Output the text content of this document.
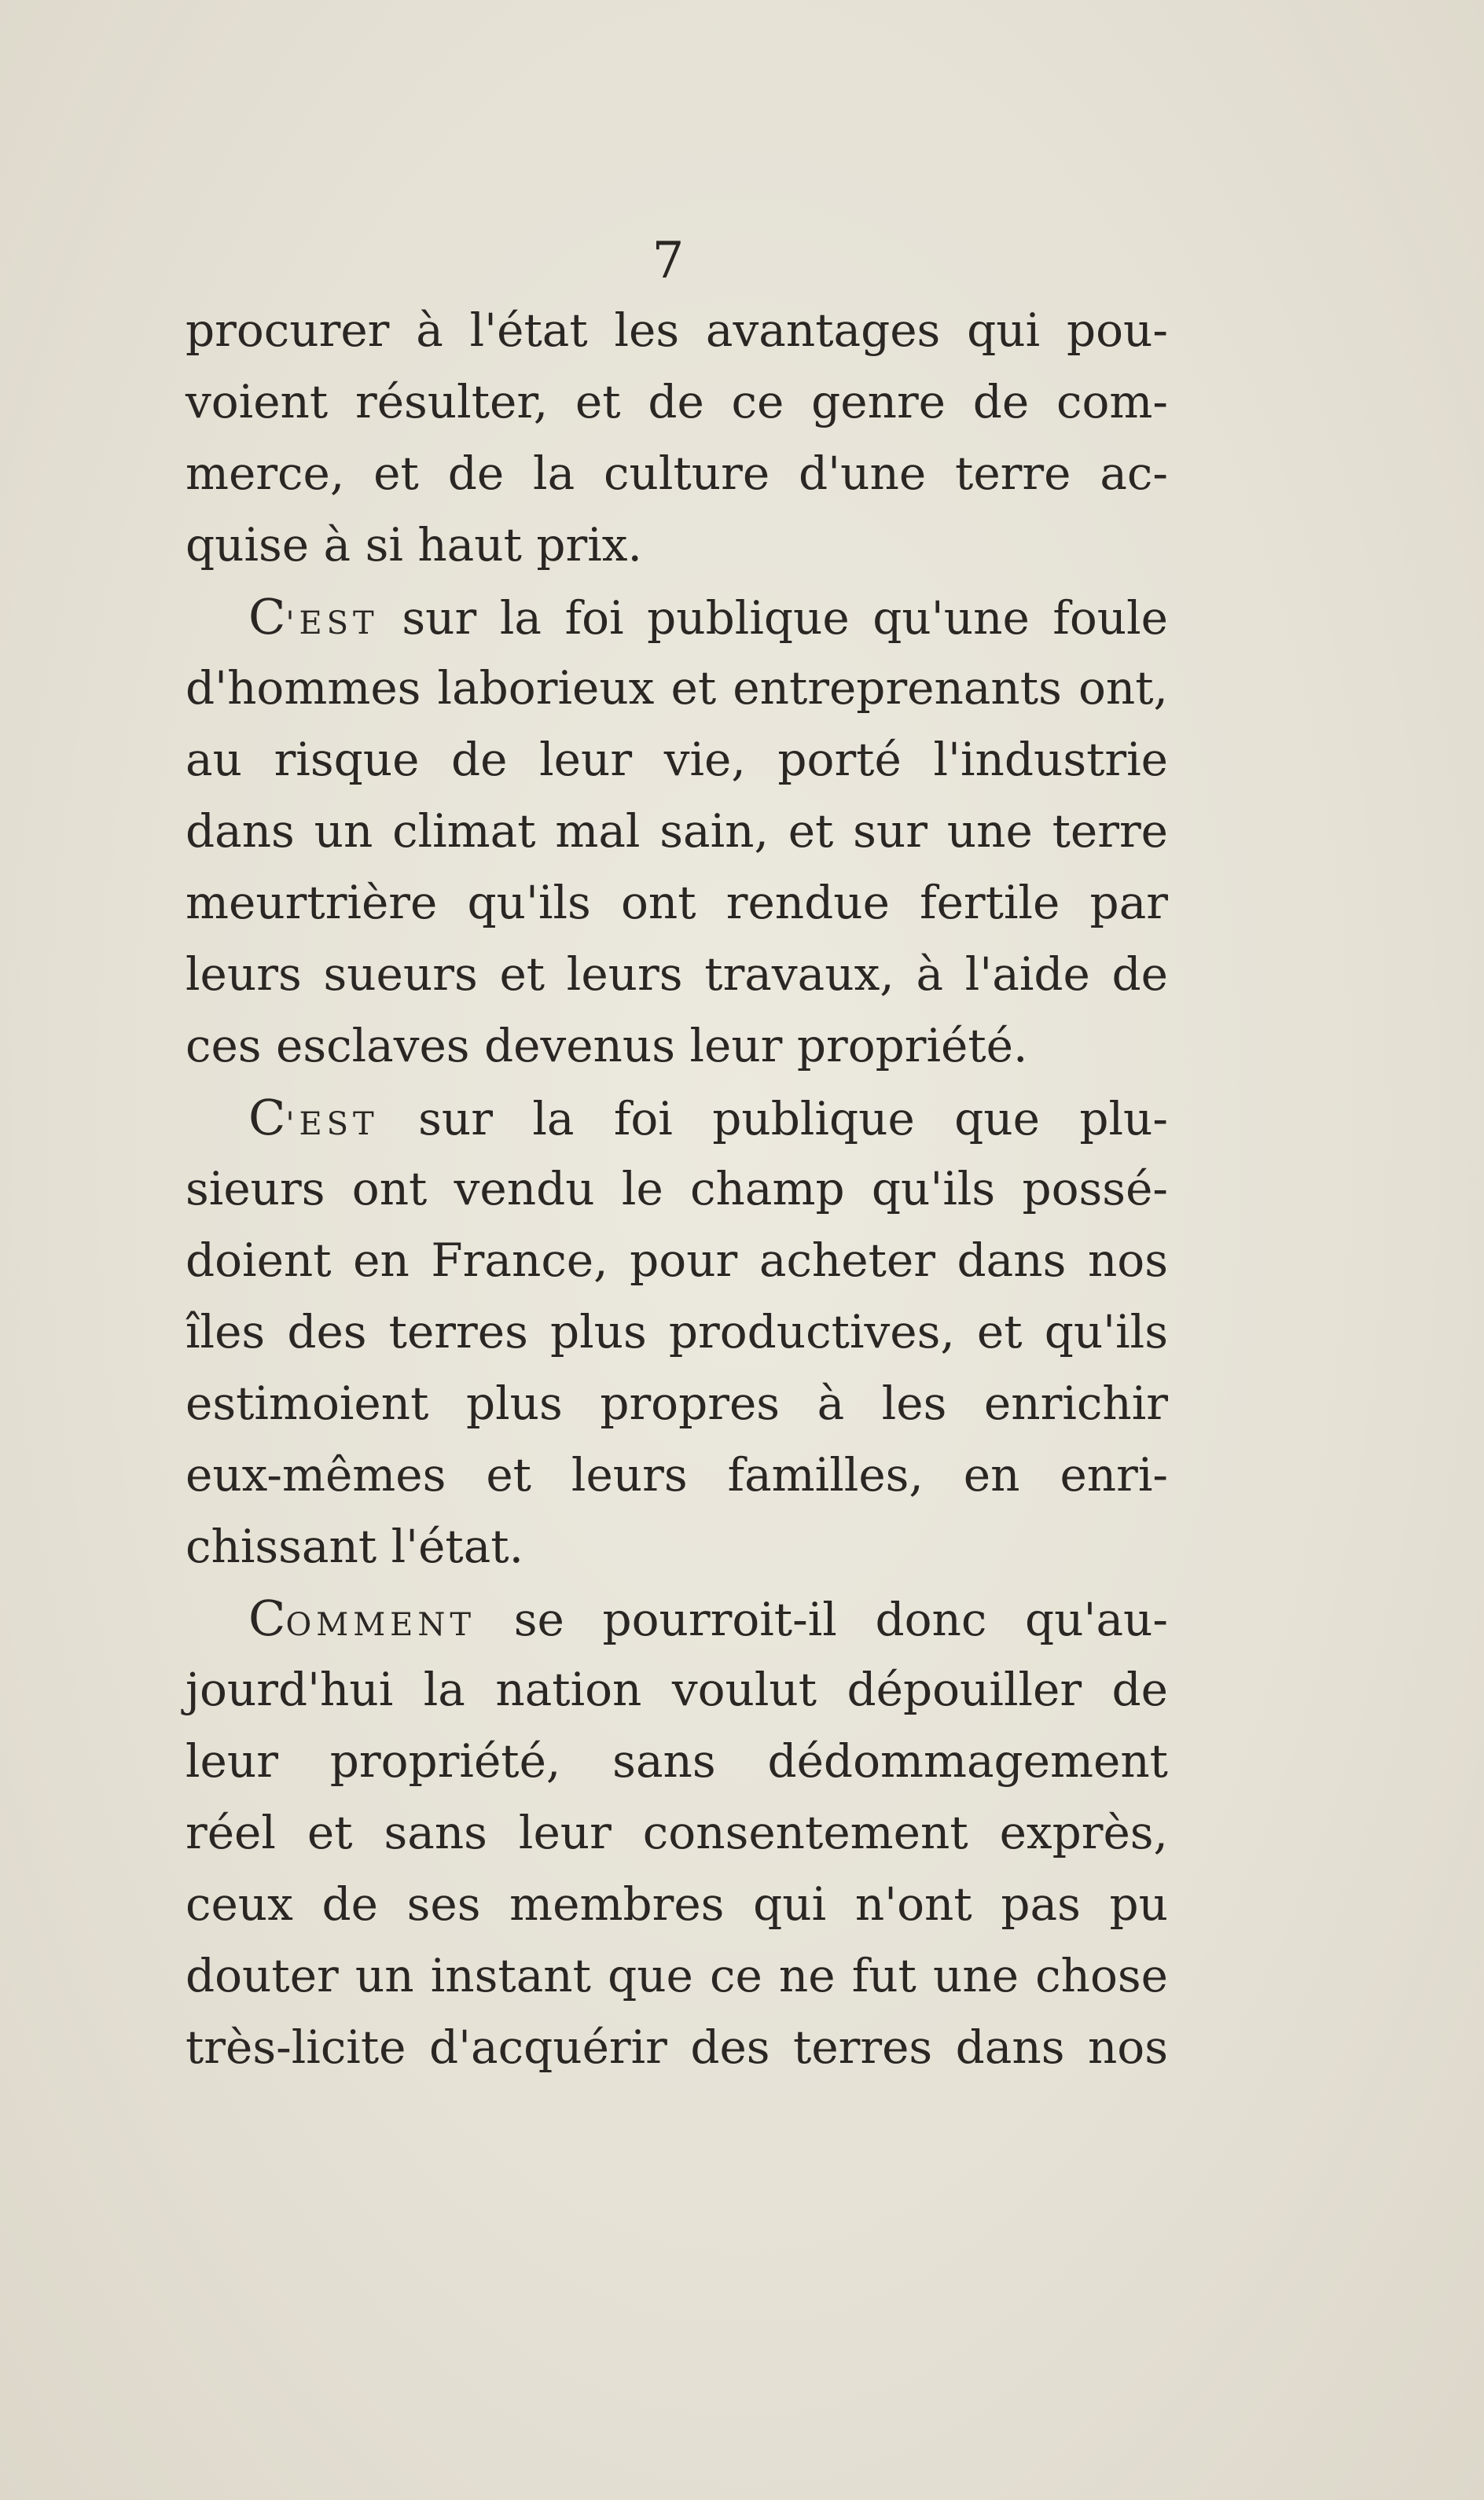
7
procurer à l'état les avantages qui pou-
voient résulter, et de ce genre de com-
merce, et de la culture d'une terre ac-
quise à si haut prix.
C'EST sur la foi publique qu'une foule
d'hommes laborieux et entreprenants ont,
au risque de leur vie, porté l'industrie
dans un climat mal sain, et sur une terre
meurtrière qu'ils ont rendue fertile par
leurs sueurs et leurs travaux, à l'aide de
ces esclaves devenus leur propriété.
C'EST sur la foi publique que plu-
sieurs ont vendu le champ qu'ils possé-
doient en France, pour acheter dans nos
îles des terres plus productives, et qu'ils
estimoient plus propres à les enrichir
eux-mêmes et leurs familles, en enri-
chissant l'état.
COMMENT se pourroit-il donc qu'au-
jourd'hui la nation voulut dépouiller de
leur propriété, sans dédommagement
réel et sans leur consentement exprès,
ceux de ses membres qui n'ont pas pu
douter un instant que ce ne fut une chose
très-licite d'acquérir des terres dans nos
